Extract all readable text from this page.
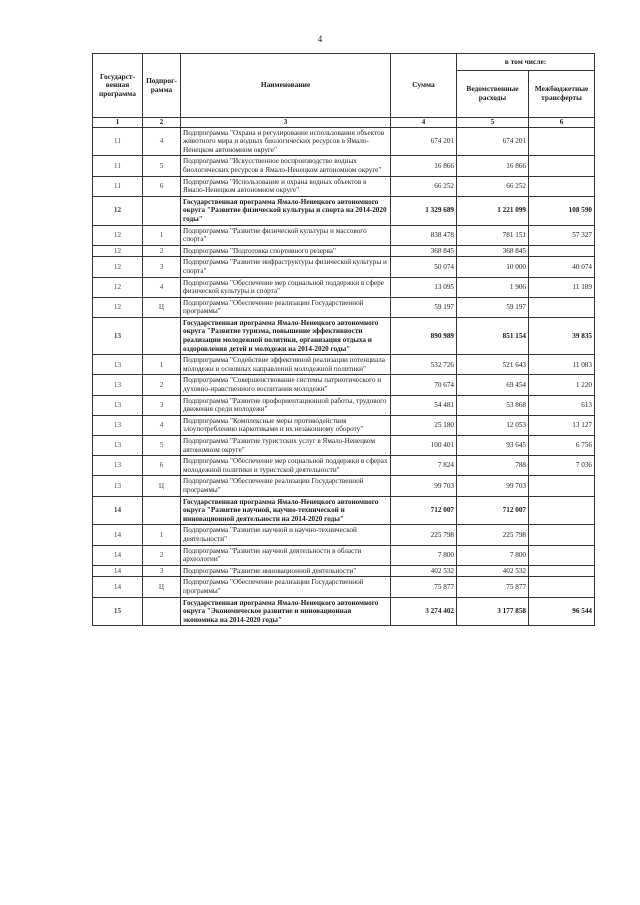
4
Государст-венная программа	Подпрог-рамма	Наименование	Сумма	в том числе:	
				Ведомственные расходы	Межбюджетные трансферты
1	2	3	4	5	6
11	4	Подпрограмма "Охрана и регулирование использования объектов животного мира и водных биологических ресурсов в Ямало-Ненецком автономном округе"	674 201	674 201	
11	5	Подпрограмма "Искусственное воспроизводство водных биологических ресурсов в Ямало-Ненецком автономном округе"	16 866	16 866	
11	6	Подпрограмма "Использование и охрана водных объектов в Ямало-Ненецком автономном округе"	66 252	66 252	
12		Государственная программа Ямало-Ненецкого автономного округа "Развитие физической культуры и спорта на 2014-2020 годы"	1 329 689	1 221 099	108 590
12	1	Подпрограмма "Развитие физической культуры и массового спорта"	838 478	781 151	57 327
12	2	Подпрограмма "Подготовка спортивного резерва"	368 845	368 845	
12	3	Подпрограмма "Развитие инфраструктуры физической культуры и спорта"	50 074	10 000	40 074
12	4	Подпрограмма "Обеспечение мер социальной поддержки в сфере физической культуры и спорта"	13 095	1 906	11 189
12	Ц	Подпрограмма "Обеспечение реализации Государственной программы"	59 197	59 197	
13		Государственная программа Ямало-Ненецкого автономного округа "Развитие туризма, повышение эффективности реализации молодежной политики, организация отдыха и оздоровления детей и молодежи на 2014-2020 годы"	890 989	851 154	39 835
13	1	Подпрограмма "Содействие эффективной реализации потенциала молодежи и основных направлений молодежной политики"	532 726	521 643	11 083
13	2	Подпрограмма "Совершенствование системы патриотического и духовно-нравственного воспитания молодежи"	70 674	69 454	1 220
13	3	Подпрограмма "Развитие профориентационной работы, трудового движения среди молодежи"	54 481	53 868	613
13	4	Подпрограмма "Комплексные меры противодействия злоупотреблению наркотиками и их незаконному обороту"	25 180	12 053	13 127
13	5	Подпрограмма "Развитие туристских услуг в Ямало-Ненецком автономном округе"	100 401	93 645	6 756
13	6	Подпрограмма "Обеспечение мер социальной поддержки в сферах молодежной политики и туристской деятельности"	7 824	788	7 036
13	Ц	Подпрограмма "Обеспечение реализации Государственной программы"	99 703	99 703	
14		Государственная программа Ямало-Ненецкого автономного округа "Развитие научной, научно-технической и инновационной деятельности на 2014-2020 годы"	712 007	712 007	
14	1	Подпрограмма "Развитие научной и научно-технической деятельности"	225 798	225 798	
14	2	Подпрограмма "Развитие научной деятельности в области археологии"	7 800	7 800	
14	3	Подпрограмма "Развитие инновационной деятельности"	402 532	402 532	
14	Ц	Подпрограмма "Обеспечение реализации Государственной программы"	75 877	75 877	
15		Государственная программа Ямало-Ненецкого автономного округа "Экономическое развитие и инновационная экономика на 2014-2020 годы"	3 274 402	3 177 858	96 544
